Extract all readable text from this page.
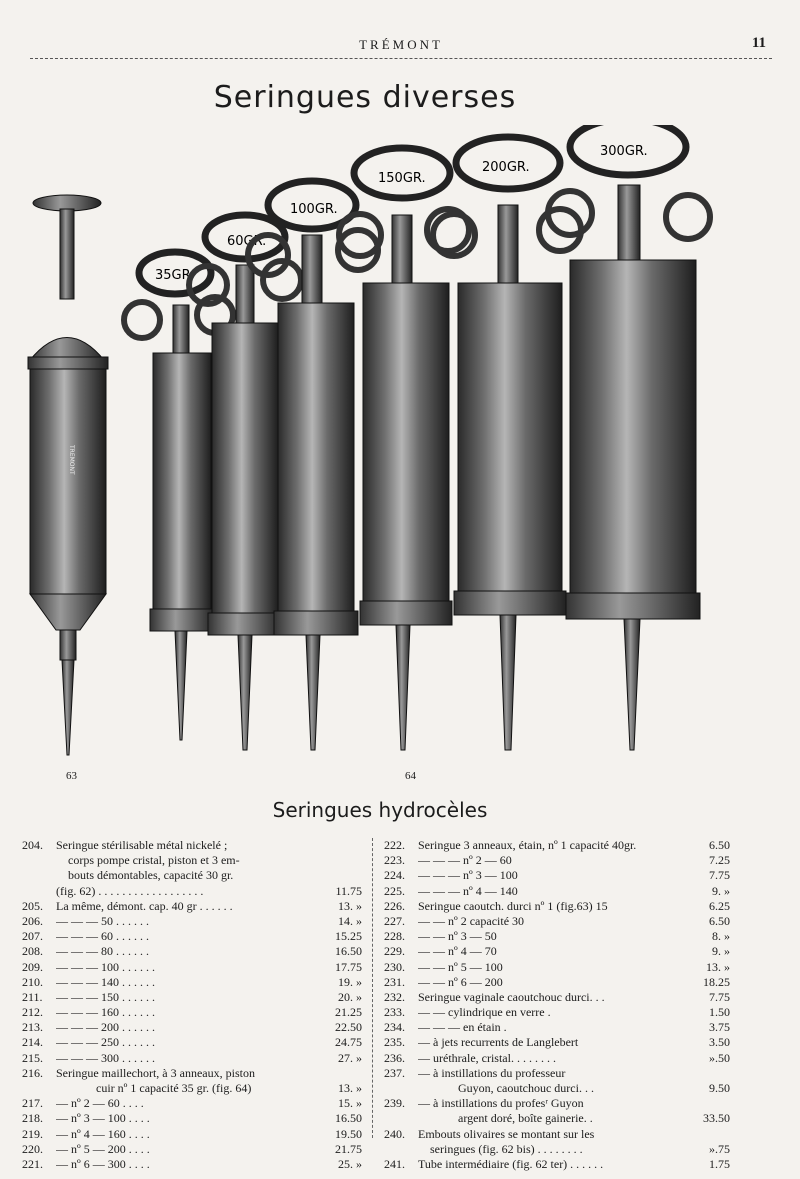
TRÉMONT	11
Seringues diverses
TREMONT
35GR.
60GR.
100GR.
150GR.
200GR.
300GR.
63	64
Seringues hydrocèles
204.	Seringue stérilisable métal nickelé ;
corps pompe cristal, piston et 3 em-
bouts démontables, capacité 30 gr.
(fig. 62) . . . . . . . . . . . . . . . . . .	11.75
205.	La même, démont. cap. 40 gr . . . . . .	13. »
206.	— — — 50 . . . . . .	14. »
207.	— — — 60 . . . . . .	15.25
208.	— — — 80 . . . . . .	16.50
209.	— — — 100 . . . . . .	17.75
210.	— — — 140 . . . . . .	19. »
211.	— — — 150 . . . . . .	20. »
212.	— — — 160 . . . . . .	21.25
213.	— — — 200 . . . . . .	22.50
214.	— — — 250 . . . . . .	24.75
215.	— — — 300 . . . . . .	27. »
216.	Seringue maillechort, à 3 anneaux, piston
cuir nº 1 capacité 35 gr. (fig. 64)	13. »
217.	— nº 2 — 60 . . . .	15. »
218.	— nº 3 — 100 . . . .	16.50
219.	— nº 4 — 160 . . . .	19.50
220.	— nº 5 — 200 . . . .	21.75
221.	— nº 6 — 300 . . . .	25. »
222.	Seringue 3 anneaux, étain, nº 1 capacité 40gr.	6.50
223.	— — — nº 2 — 60	7.25
224.	— — — nº 3 — 100	7.75
225.	— — — nº 4 — 140	9. »
226.	Seringue caoutch. durci nº 1 (fig.63) 15	6.25
227.	— — nº 2 capacité 30	6.50
228.	— — nº 3 — 50	8. »
229.	— — nº 4 — 70	9. »
230.	— — nº 5 — 100	13. »
231.	— — nº 6 — 200	18.25
232.	Seringue vaginale caoutchouc durci. . .	7.75
233.	— — cylindrique en verre .	1.50
234.	— — — en étain .	3.75
235.	— à jets recurrents de Langlebert	3.50
236.	— uréthrale, cristal. . . . . . . .	».50
237.	— à instillations du professeur
Guyon, caoutchouc durci. . .	9.50
239.	— à instillations du profesʳ Guyon
argent doré, boîte gainerie. .	33.50
240.	Embouts olivaires se montant sur les
seringues (fig. 62 bis) . . . . . . . .	».75
241.	Tube intermédiaire (fig. 62 ter) . . . . . .	1.75
